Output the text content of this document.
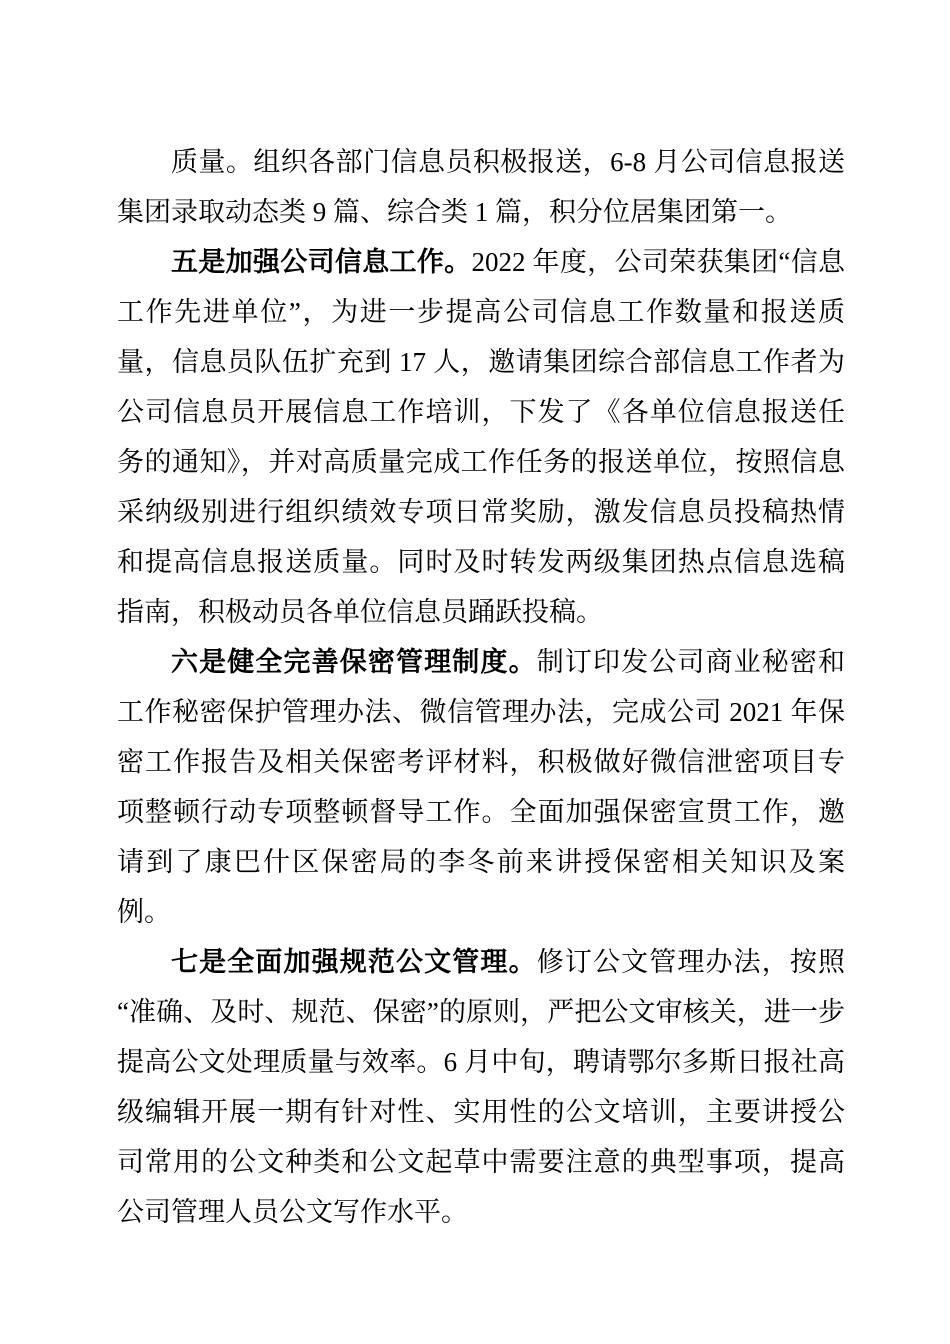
质量。组织各部门信息员积极报送，6-8 月公司信息报送集团录取动态类 9 篇、综合类 1 篇，积分位居集团第一。

五是加强公司信息工作。2022 年度，公司荣获集团“信息工作先进单位”，为进一步提高公司信息工作数量和报送质量，信息员队伍扩充到 17 人，邀请集团综合部信息工作者为公司信息员开展信息工作培训，下发了《各单位信息报送任务的通知》，并对高质量完成工作任务的报送单位，按照信息采纳级别进行组织绩效专项日常奖励，激发信息员投稿热情和提高信息报送质量。同时及时转发两级集团热点信息选稿指南，积极动员各单位信息员踊跃投稿。

六是健全完善保密管理制度。制订印发公司商业秘密和工作秘密保护管理办法、微信管理办法，完成公司 2021 年保密工作报告及相关保密考评材料，积极做好微信泄密项目专项整顿行动专项整顿督导工作。全面加强保密宣贯工作，邀请到了康巴什区保密局的李冬前来讲授保密相关知识及案例。

七是全面加强规范公文管理。修订公文管理办法，按照“准确、及时、规范、保密”的原则，严把公文审核关，进一步提高公文处理质量与效率。6 月中旬，聘请鄂尔多斯日报社高级编辑开展一期有针对性、实用性的公文培训，主要讲授公司常用的公文种类和公文起草中需要注意的典型事项，提高公司管理人员公文写作水平。
